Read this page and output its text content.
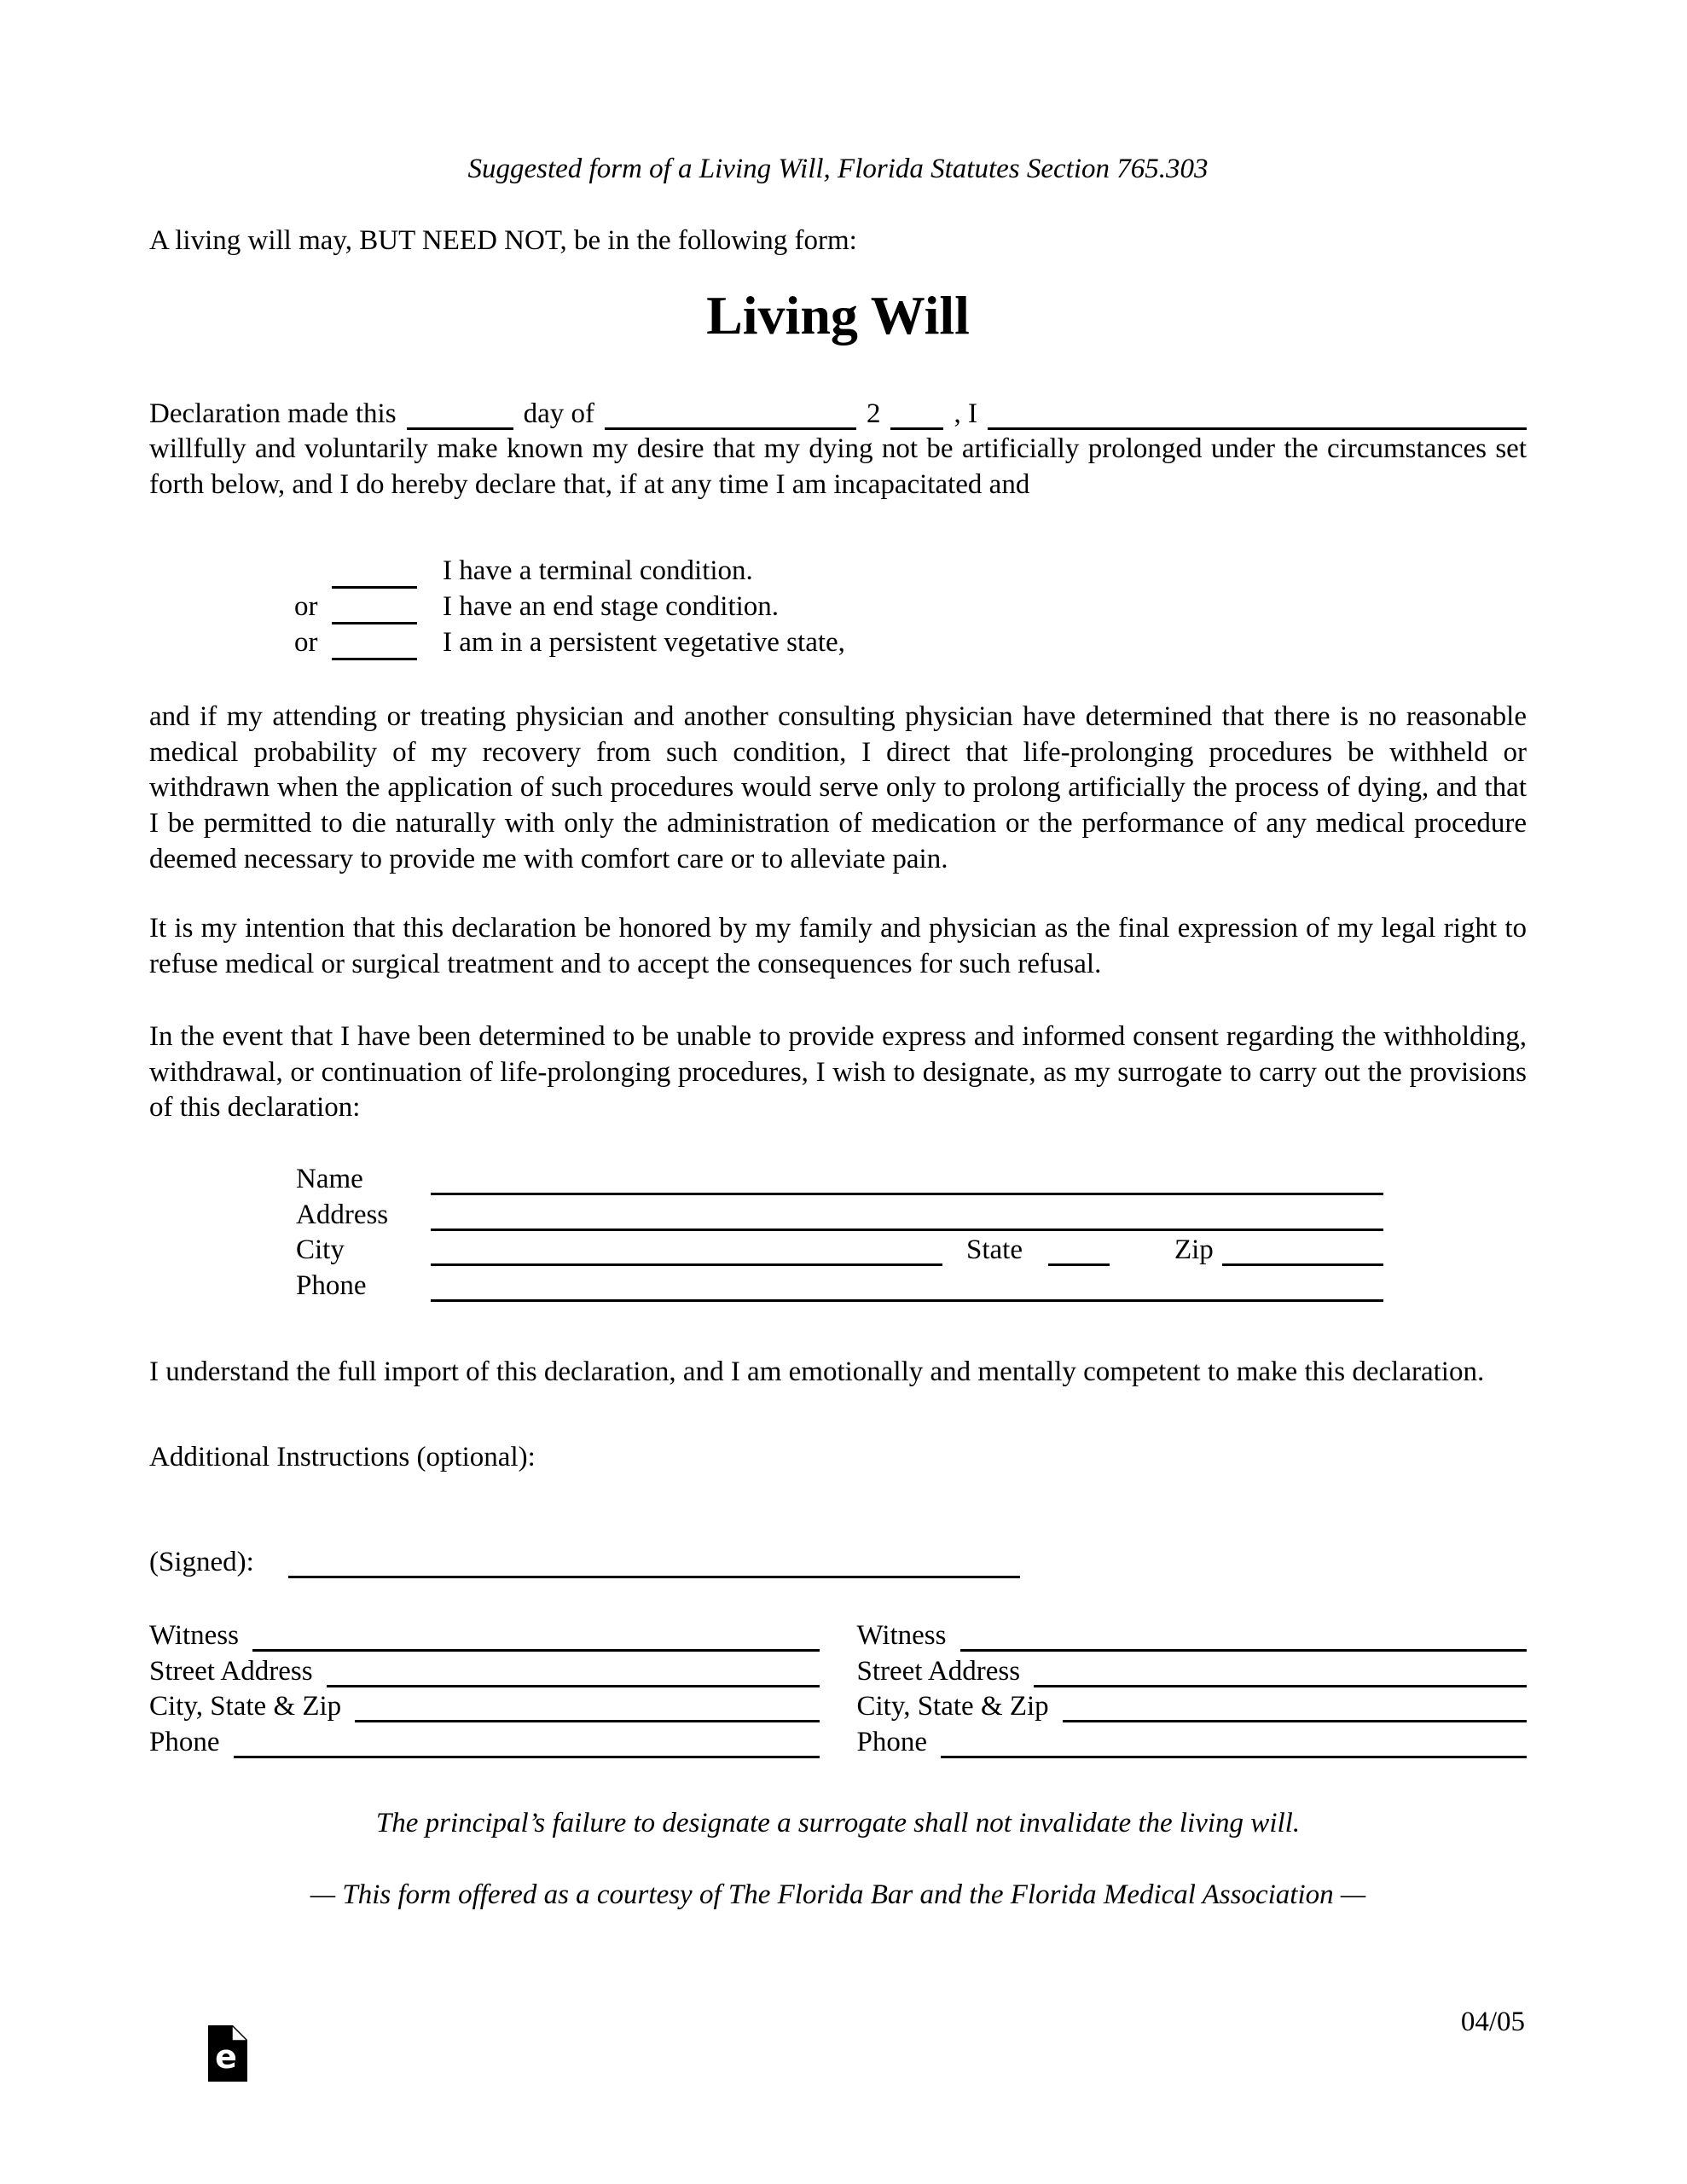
Suggested form of a Living Will, Florida Statutes Section 765.303
A living will may, BUT NEED NOT, be in the following form:
Living Will
Declaration made this	day of	2	, I
willfully and voluntarily make known my desire that my dying not be artificially prolonged under the circumstances set forth below, and I do hereby declare that, if at any time I am incapacitated and
I have a terminal condition.
or	I have an end stage condition.
or	I am in a persistent vegetative state,
and if my attending or treating physician and another consulting physician have determined that there is no reasonable medical probability of my recovery from such condition, I direct that life-prolonging procedures be withheld or withdrawn when the application of such procedures would serve only to prolong artificially the process of dying, and that I be permitted to die naturally with only the administration of medication or the performance of any medical procedure deemed necessary to provide me with comfort care or to alleviate pain.
It is my intention that this declaration be honored by my family and physician as the final expression of my legal right to refuse medical or surgical treatment and to accept the consequences for such refusal.
In the event that I have been determined to be unable to provide express and informed consent regarding the withholding, withdrawal, or continuation of life-prolonging procedures, I wish to designate, as my surrogate to carry out the provisions of this declaration:
Name
Address
City	State	Zip
Phone
I understand the full import of this declaration, and I am emotionally and mentally competent to make this declaration.
Additional Instructions (optional):
(Signed):
Witness
Street Address
City, State & Zip
Phone
Witness
Street Address
City, State & Zip
Phone
The principal’s failure to designate a surrogate shall not invalidate the living will.
— This form offered as a courtesy of The Florida Bar and the Florida Medical Association —
04/05
e
